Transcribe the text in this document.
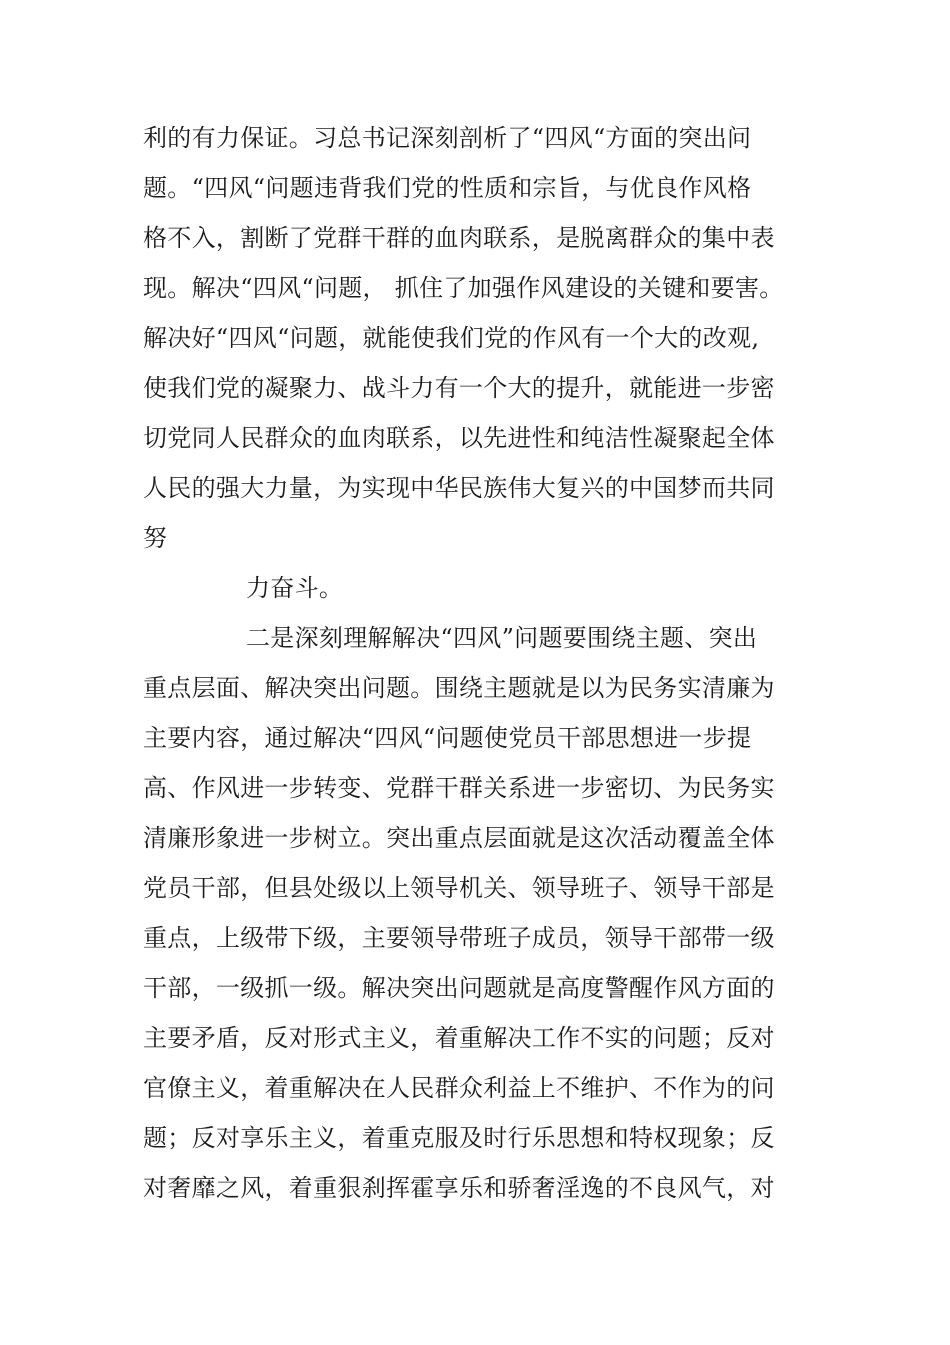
利的有力保证。习总书记深刻剖析了“四风“方面的突出问
题。“四风“问题违背我们党的性质和宗旨，与优良作风格
格不入，割断了党群干群的血肉联系，是脱离群众的集中表
现。解决“四风“问题， 抓住了加强作风建设的关键和要害。
解决好“四风“问题，就能使我们党的作风有一个大的改观,
使我们党的凝聚力、战斗力有一个大的提升，就能进一步密
切党同人民群众的血肉联系，以先进性和纯洁性凝聚起全体
人民的强大力量，为实现中华民族伟大复兴的中国梦而共同
努
力奋斗。
二是深刻理解解决“四风”问题要围绕主题、突出
重点层面、解决突出问题。围绕主题就是以为民务实清廉为
主要内容，通过解决“四风“问题使党员干部思想进一步提
高、作风进一步转变、党群干群关系进一步密切、为民务实
清廉形象进一步树立。突出重点层面就是这次活动覆盖全体
党员干部，但县处级以上领导机关、领导班子、领导干部是
重点，上级带下级，主要领导带班子成员，领导干部带一级
干部，一级抓一级。解决突出问题就是高度警醒作风方面的
主要矛盾，反对形式主义，着重解决工作不实的问题；反对
官僚主义，着重解决在人民群众利益上不维护、不作为的问
题；反对享乐主义，着重克服及时行乐思想和特权现象；反
对奢靡之风，着重狠刹挥霍享乐和骄奢淫逸的不良风气，对
